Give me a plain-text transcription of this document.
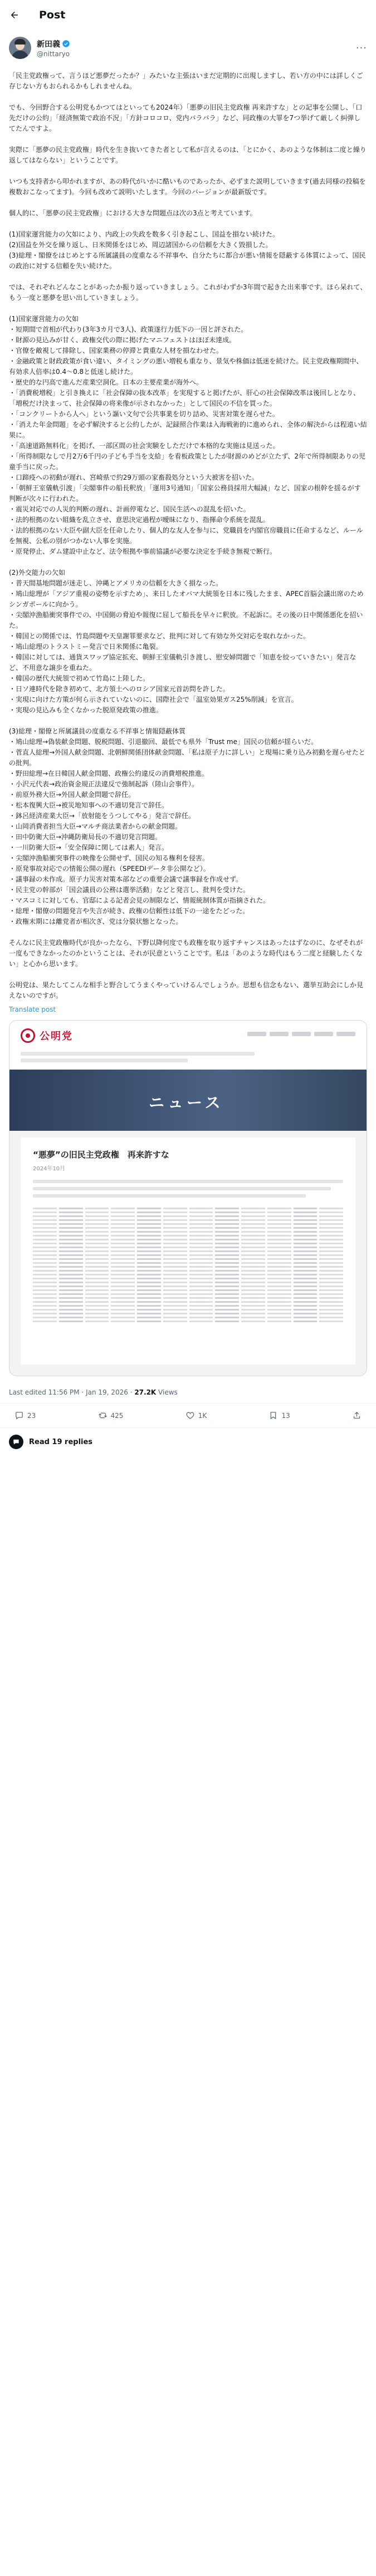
Post
新田義
@nittaryo	···

「民主党政権って、言うほど悪夢だったか？」みたいな主張はいまだ定期的に出現しますし、若い方の中には詳しくご存じない方もおられるかもしれませんね。

でも、今回野合する公明党もかつてはといっても2024年）「悪夢の旧民主党政権 再来許すな」との記事を公開し、「口先だけの公約」「経済無策で政治不況」「方針コロコロ、党内バラバラ」など、同政権の大罪を7つ挙げて厳しく糾弾してたんですよ。

実際に「悪夢の民主党政権」時代を生き抜いてきた者として私が言えるのは、「とにかく、あのような体制は二度と繰り返してはならない」ということです。

いつも支持者から叩かれますが、あの時代がいかに酷いものであったか、必ずまた説明していきます(過去同様の投稿を複数おこなってます)。今回も改めて説明いたします。今回のバージョンが最新版です。

個人的に、「悪夢の民主党政権」における大きな問題点は次の3点と考えています。

(1)国家運営能力の欠如により、内政上の失政を数多く引き起こし、国益を損ない続けた。
(2)国益を外交を繰り返し、日米関係をはじめ、周辺諸国からの信頼を大きく毀損した。
(3)総理・閣僚をはじめとする所属議員の度重なる不祥事や、自分たちに都合が悪い情報を隠蔽する体質によって、国民の政治に対する信頼を失い続けた。

では、それぞれどんなことがあったか振り返っていきましょう。これがわずか3年間で起きた出来事です。ほら呆れて、もう一度と悪夢を思い出していきましょう。

(1)国家運営能力の欠如
・短期間で首相が代わり(3年3カ月で3人)、政策遂行力低下の一因と評された。
・財源の見込みが甘く、政権交代の際に掲げたマニフェストはほぼ未達成。
・官僚を敵視して排除し、国家業務の停滞と貴重な人材を損なわせた。
・金融政策と財政政策が食い違い、タイミングの悪い増税も重なり、景気や株価は低迷を続けた。民主党政権期間中、有効求人倍率は0.4〜0.8と低迷し続けた。
・歴史的な円高で進んだ産業空洞化。日本の主要産業が海外へ。
・「消費税増税」と引き換えに「社会保障の抜本改革」を実現すると掲げたが、肝心の社会保障改革は後回しとなり、「増税だけ決まって、社会保障の将来像が示されなかった」として国民の不信を買った。
・「コンクリートから人へ」という謳い文句で公共事業を切り詰め、災害対策を遅らせた。
・「消えた年金問題」を必ず解決すると公約したが、記録照合作業は入海戦術的に進められ、全体の解決からは程遠い結果に。
・「高速道路無料化」を掲げ、一部区間の社会実験をしただけで本格的な実施は見送った。
・「所得制限なしで月2万6千円の子ども手当を支給」を看板政策としたが財源のめどが立たず、2年で所得制限ありの児童手当に戻った。
・口蹄疫への初動が遅れ、宮崎県で約29万頭の家畜殺処分という大被害を招いた。
・「朝鮮王室儀軌引渡」「尖閣事件の船長釈放」「運用3号通知」「国家公務員採用大幅減」など、国家の根幹を揺るがす判断が次々に行われた。
・震災対応での人災的判断の遅れ、計画停電など、国民生活への混乱を招いた。
・法的根拠のない組織を乱立させ、意思決定過程が曖昧になり、指揮命令系統を混乱。
・法的根拠のない大臣や副大臣を任命したり、個人的な友人を参与に、党職員を内閣官房職員に任命するなど、ルールを無視、公私の別がつかない人事を実施。
・原発停止、ダム建設中止など、法令根拠や事前協議が必要な決定を手続き無視で断行。

(2)外交能力の欠如
・普天間基地問題が迷走し、沖縄とアメリカの信頼を大きく損なった。
・鳩山総理が「アジア重視の姿勢を示すため」、来日したオバマ大統領を日本に残したまま、APEC首脳会議出席のためシンガポールに向かう。
・尖閣沖漁船衝突事件での、中国側の脅迫や報復に屈して船長を早々に釈放。不起訴に。その後の日中関係悪化を招いた。
・韓国との関係では、竹島問題や天皇謝罪要求など、批判に対して有効な外交対応を取れなかった。
・鳩山総理のトラストミー発言で日米関係に亀裂。
・韓国に対しては、通貨スワップ協定拡充、朝鮮王室儀軌引き渡し、慰安婦問題で「知恵を絞っていきたい」発言など、不用意な譲歩を重ねた。
・韓国の歴代大統領で初めて竹島に上陸した。
・日ソ連時代を除き初めて、北方領土へのロシア国家元首訪問を許した。
・実現に向けた方策が何ら示されていないのに、国際社会で「温室効果ガス25%削減」を宣言。
・実現の見込みも全くなかった脱原発政策の推進。

(3)総理・閣僚と所属議員の度重なる不祥事と情報隠蔽体質
・鳩山総理→偽装献金問題、脱税問題、引退撤回、最低でも県外「Trust me」国民の信頼が揺らいだ。
・菅直人総理→外国人献金問題、北朝鮮関係団体献金問題、「私は原子力に詳しい」と現場に乗り込み初動を遅らせたとの批判。
・野田総理→在日韓国人献金問題、政権公約違反の消費増税推進。
・小沢元代表→政治資金規正法違反で強制起訴（陸山会事件）。
・前原外務大臣→外国人献金問題で辞任。
・松本復興大臣→被災地知事への不適切発言で辞任。
・鉢呂経済産業大臣→「放射能をうつしてやる」発言で辞任。
・山岡消費者担当大臣→マルチ商法業者からの献金問題。
・田中防衛大臣→沖縄防衛局長の不適切発言問題。
・一川防衛大臣→「安全保障に関しては素人」発言。
・尖閣沖漁船衝突事件の映像を公開せず、国民の知る権利を侵害。
・原発事故対応での情報公開の遅れ（SPEEDIデータ非公開など）。
・議事録の未作成。原子力災害対策本部などの重要会議で議事録を作成せず。
・民主党の幹部が「国会議員の公務は選挙活動」などと発言し、批判を受けた。
・マスコミに対しても、官邸による記者会見の制限など、情報統制体質が指摘された。
・総理・閣僚の問題発言や失言が続き、政権の信頼性は低下の一途をたどった。
・政権末期には離党者が相次ぎ、党は分裂状態となった。

そんなに民主党政権時代が良かったなら、下野以降何度でも政権を取り返すチャンスはあったはずなのに、なぜそれが一度もできなかったのかということは、それが民意ということです。私は「あのような時代はもう二度と経験したくない」と心から思います。

公明党は、果たしてこんな相手と野合してうまくやっていけるんでしょうか。思想も信念もない、選挙互助会にしか見えないのですが。

Translate post
公明党
ニュース
“悪夢”の旧民主党政権　再来許すな
2024年10月
Last edited 11:56 PM · Jan 19, 2026 · 27.2K Views
23	425	1K	13
Read 19 replies
